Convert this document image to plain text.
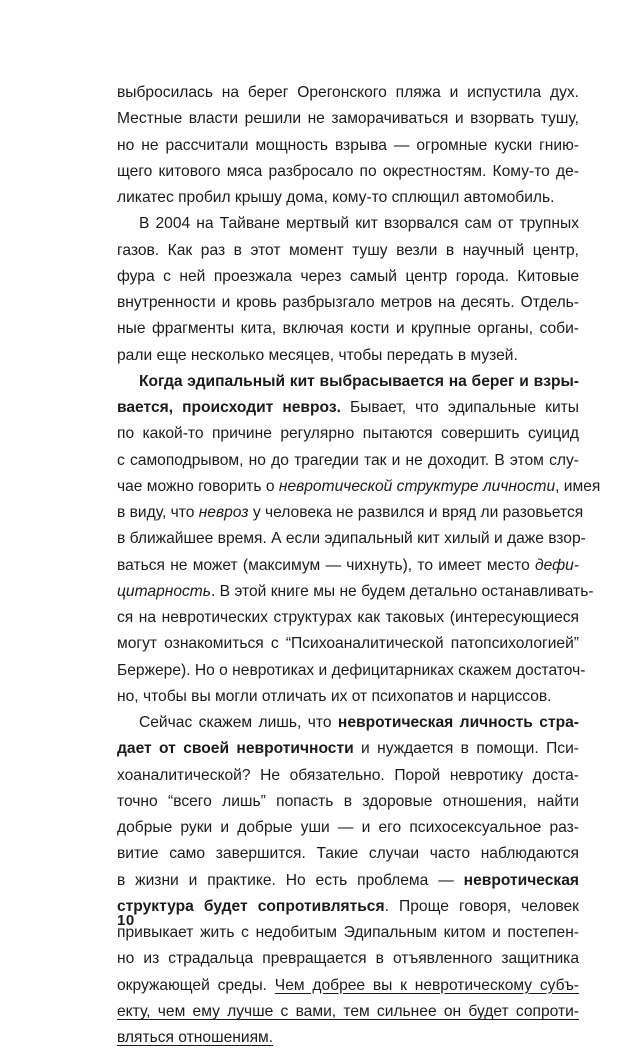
выбросилась на берег Орегонского пляжа и испустила дух.
Местные власти решили не заморачиваться и взорвать тушу,
но не рассчитали мощность взрыва — огромные куски гнию-
щего китового мяса разбросало по окрестностям. Кому-то де-
ликатес пробил крышу дома, кому-то сплющил автомобиль.
В 2004 на Тайване мертвый кит взорвался сам от трупных
газов. Как раз в этот момент тушу везли в научный центр,
фура с ней проезжала через самый центр города. Китовые
внутренности и кровь разбрызгало метров на десять. Отдель-
ные фрагменты кита, включая кости и крупные органы, соби-
рали еще несколько месяцев, чтобы передать в музей.
Когда эдипальный кит выбрасывается на берег и взры-
вается, происходит невроз. Бывает, что эдипальные киты
по какой-то причине регулярно пытаются совершить суицид
с самоподрывом, но до трагедии так и не доходит. В этом слу-
чае можно говорить о невротической структуре личности, имея
в виду, что невроз у человека не развился и вряд ли разовьется
в ближайшее время. А если эдипальный кит хилый и даже взор-
ваться не может (максимум — чихнуть), то имеет место дефи-
цитарность. В этой книге мы не будем детально останавливать-
ся на невротических структурах как таковых (интересующиеся
могут ознакомиться с “Психоаналитической патопсихологией”
Бержере). Но о невротиках и дефицитарниках скажем достаточ-
но, чтобы вы могли отличать их от психопатов и нарциссов.
Сейчас скажем лишь, что невротическая личность стра-
дает от своей невротичности и нуждается в помощи. Пси-
хоаналитической? Не обязательно. Порой невротику доста-
точно “всего лишь” попасть в здоровые отношения, найти
добрые руки и добрые уши — и его психосексуальное раз-
витие само завершится. Такие случаи часто наблюдаются
в жизни и практике. Но есть проблема — невротическая
структура будет сопротивляться. Проще говоря, человек
привыкает жить с недобитым Эдипальным китом и постепен-
но из страдальца превращается в отъявленного защитника
окружающей среды. Чем добрее вы к невротическому субъ-
екту, чем ему лучше с вами, тем сильнее он будет сопроти-
вляться отношениям.
10
